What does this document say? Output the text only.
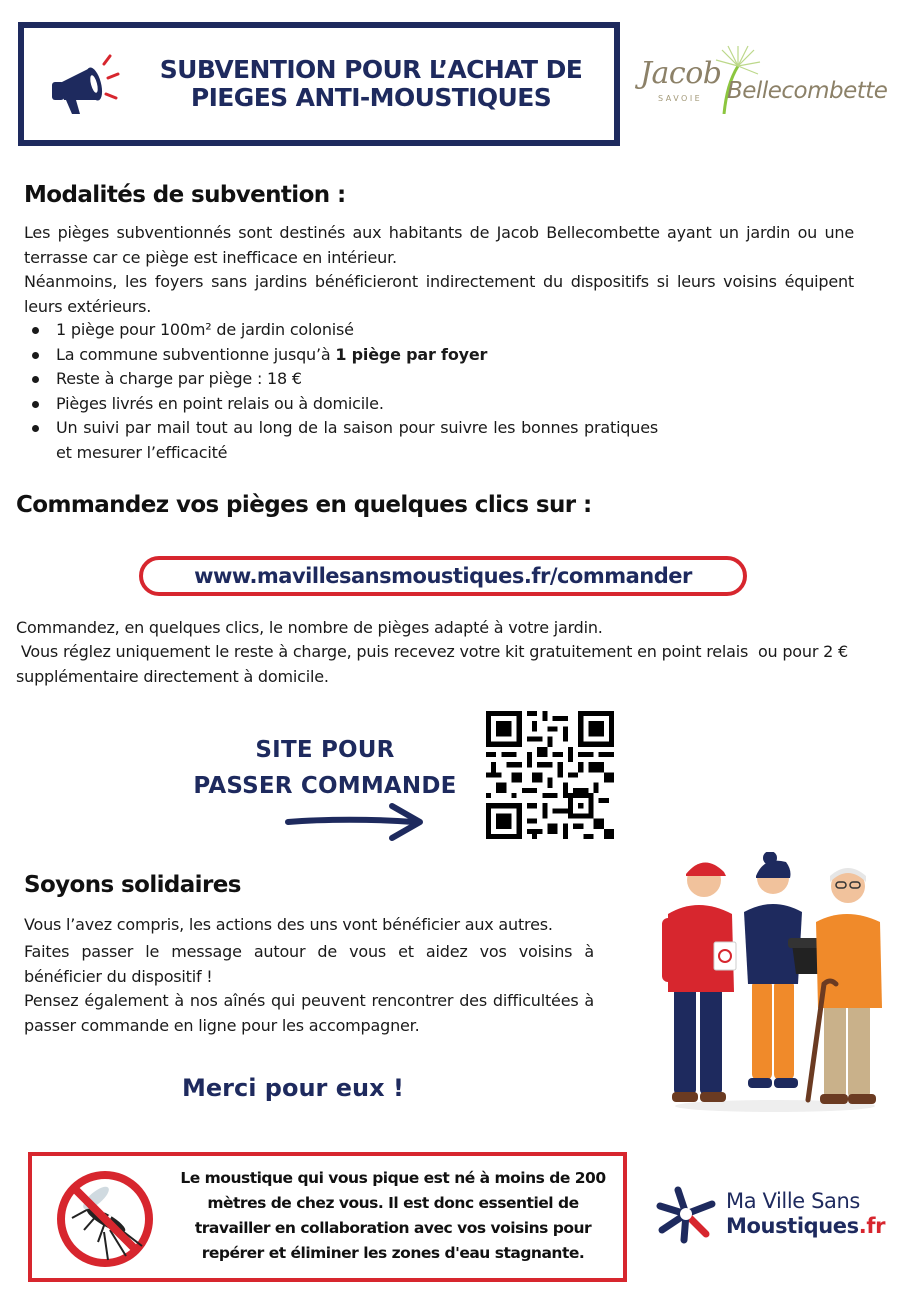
SUBVENTION POUR L’ACHAT DE
PIEGES ANTI-MOUSTIQUES
Jacob
SAVOIE Bellecombette
Modalités de subvention :
Les pièges subventionnés sont destinés aux habitants de Jacob Bellecombette ayant un jardin ou une terrasse car ce piège est inefficace en intérieur.
Néanmoins, les foyers sans jardins bénéficieront indirectement du dispositifs si leurs voisins équipent leurs extérieurs.
1 piège pour 100m² de jardin colonisé
La commune subventionne jusqu’à 1 piège par foyer
Reste à charge par piège : 18 €
Pièges livrés en point relais ou à domicile.
Un suivi par mail tout au long de la saison pour suivre les bonnes pratiques et mesurer l’efficacité
Commandez vos pièges en quelques clics sur :
www.mavillesansmoustiques.fr/commander
Commandez, en quelques clics, le nombre de pièges adapté à votre jardin.
Vous réglez uniquement le reste à charge, puis recevez votre kit gratuitement en point relais  ou pour 2 € supplémentaire directement à domicile.
SITE POUR
PASSER COMMANDE
Soyons solidaires
Vous l’avez compris, les actions des uns vont bénéficier aux autres.
Faites passer le message autour de vous et aidez vos voisins à bénéficier du dispositif !
Pensez également à nos aînés qui peuvent rencontrer des difficultées à passer commande en ligne pour les accompagner.
Merci pour eux !
Le moustique qui vous pique est né à moins de 200 mètres de chez vous. Il est donc essentiel de travailler en collaboration avec vos voisins pour repérer et éliminer les zones d'eau stagnante.
Ma Ville Sans
Moustiques.fr
